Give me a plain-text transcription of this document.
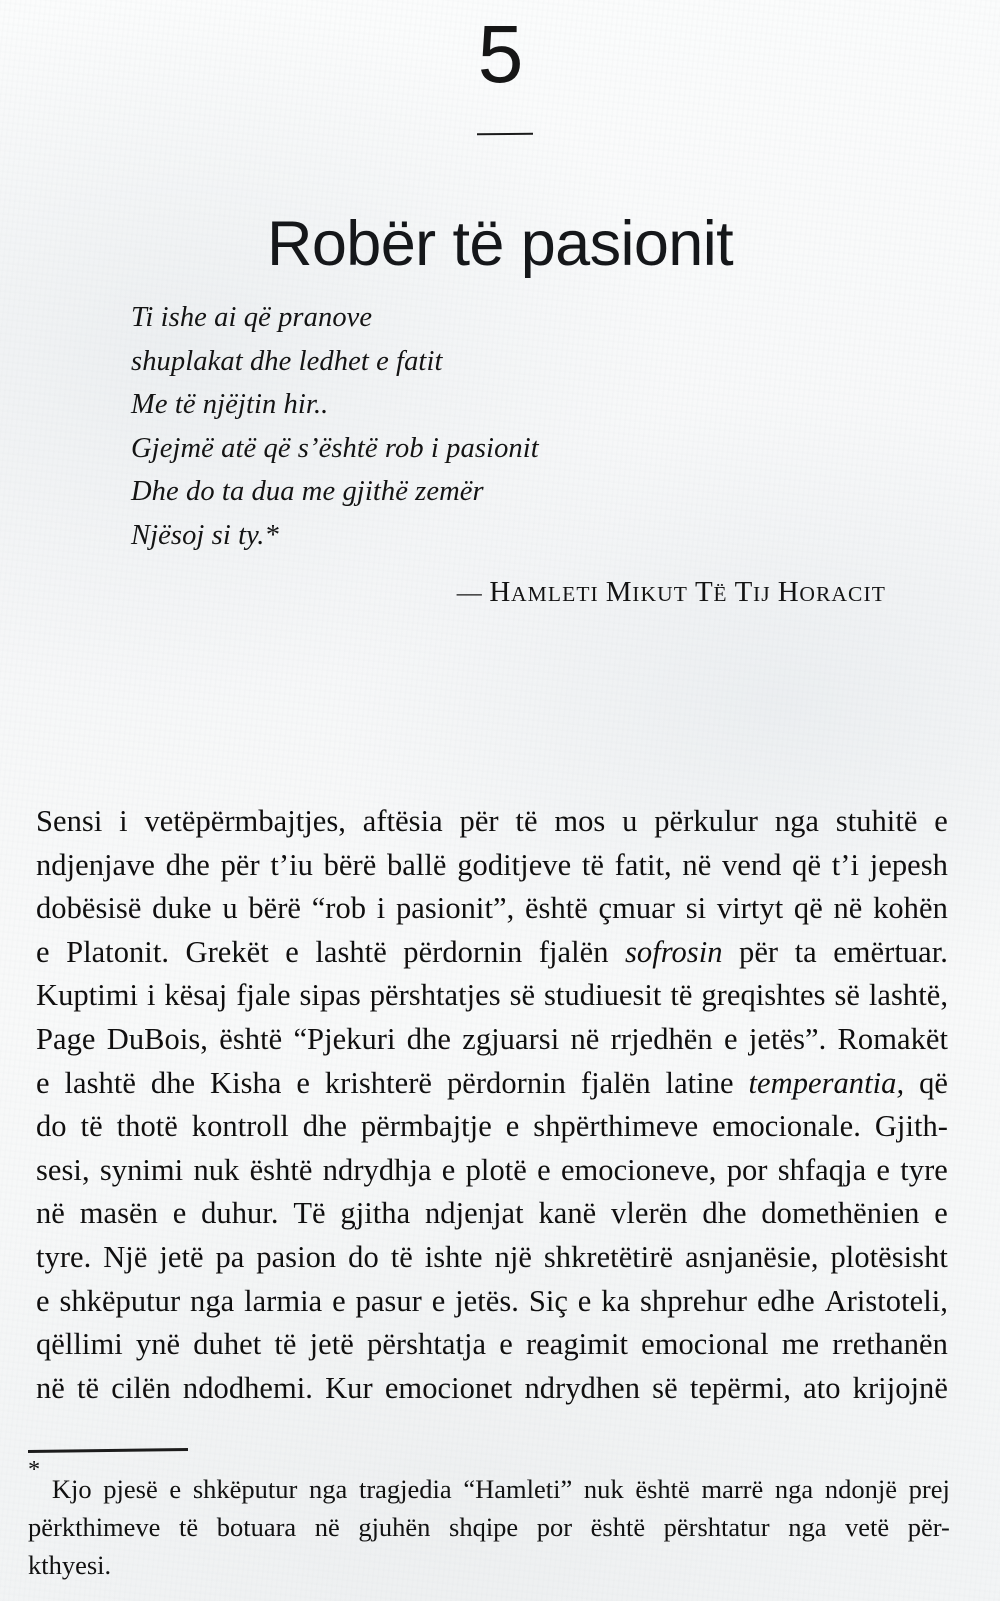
5
Robër të pasionit
Ti ishe ai që pranove
shuplakat dhe ledhet e fatit
Me të njëjtin hir..
Gjejmë atë që s’është rob i pasionit
Dhe do ta dua me gjithë zemër
Njësoj si ty.*
— HAMLETI MIKUT TË TIJ HORACIT
Sensi i vetëpërmbajtjes, aftësia për të mos u përkulur nga stuhitë e
ndjenjave dhe për t’iu bërë ballë goditjeve të fatit, në vend që t’i jepesh
dobësisë duke u bërë “rob i pasionit”, është çmuar si virtyt që në kohën
e Platonit. Grekët e lashtë përdornin fjalën sofrosin për ta emërtuar.
Kuptimi i kësaj fjale sipas përshtatjes së studiuesit të greqishtes së lashtë,
Page DuBois, është “Pjekuri dhe zgjuarsi në rrjedhën e jetës”. Romakët
e lashtë dhe Kisha e krishterë përdornin fjalën latine temperantia, që
do të thotë kontroll dhe përmbajtje e shpërthimeve emocionale. Gjith-
sesi, synimi nuk është ndrydhja e plotë e emocioneve, por shfaqja e tyre
në masën e duhur. Të gjitha ndjenjat kanë vlerën dhe domethënien e
tyre. Një jetë pa pasion do të ishte një shkretëtirë asnjanësie, plotësisht
e shkëputur nga larmia e pasur e jetës. Siç e ka shprehur edhe Aristoteli,
qëllimi ynë duhet të jetë përshtatja e reagimit emocional me rrethanën
në të cilën ndodhemi. Kur emocionet ndrydhen së tepërmi, ato krijojnë
*
Kjo pjesë e shkëputur nga tragjedia “Hamleti” nuk është marrë nga ndonjë prej
përkthimeve të botuara në gjuhën shqipe por është përshtatur nga vetë për-
kthyesi.
